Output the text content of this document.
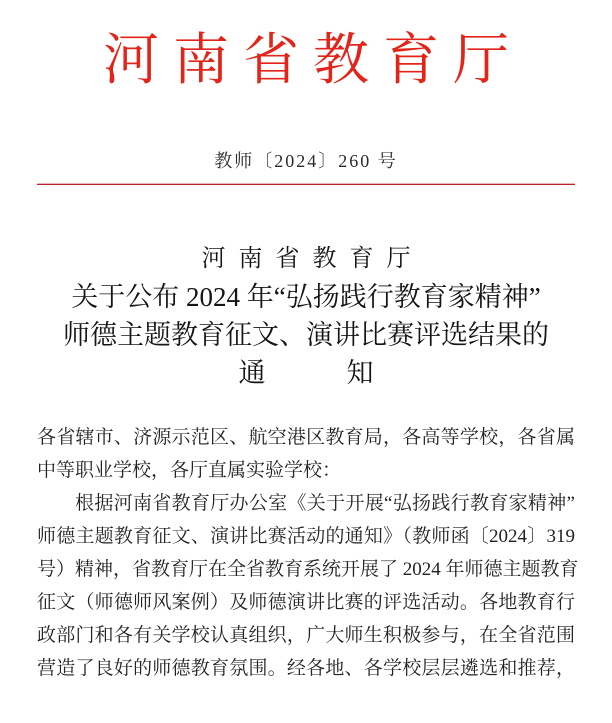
河南省教育厅
教师〔2024〕260 号
河南省教育厅
关于公布 2024 年“弘扬践行教育家精神”
师德主题教育征文、演讲比赛评选结果的
通　　　知
各省辖市、济源示范区、航空港区教育局，各高等学校，各省属
中等职业学校，各厅直属实验学校：
根据河南省教育厅办公室《关于开展“弘扬践行教育家精神”
师德主题教育征文、演讲比赛活动的通知》（教师函〔2024〕319
号）精神，省教育厅在全省教育系统开展了 2024 年师德主题教育
征文（师德师风案例）及师德演讲比赛的评选活动。各地教育行
政部门和各有关学校认真组织，广大师生积极参与，在全省范围
营造了良好的师德教育氛围。经各地、各学校层层遴选和推荐，
